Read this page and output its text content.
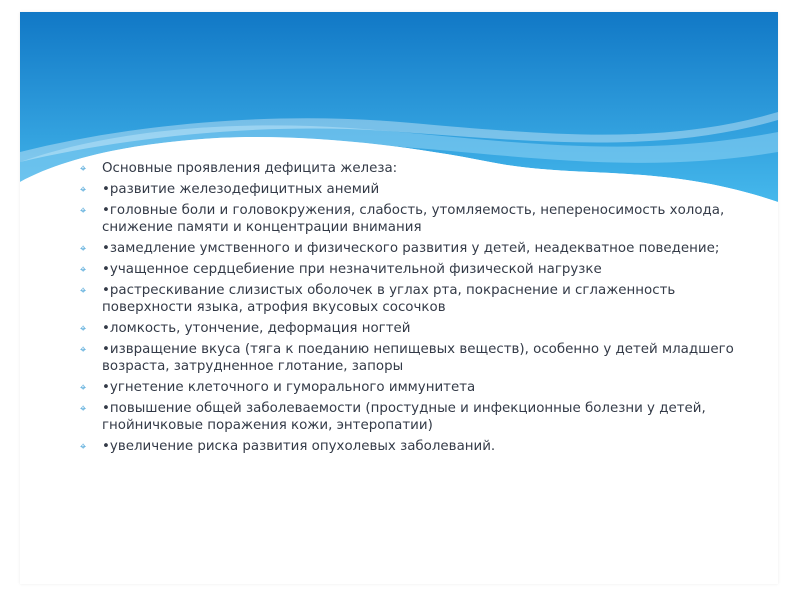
⌖ Основные проявления дефицита железа:
⌖ •развитие железодефицитных анемий
⌖ •головные боли и головокружения, слабость, утомляемость, непереносимость холода, снижение памяти и концентрации внимания
⌖ •замедление умственного и физического развития у детей, неадекватное поведение;
⌖ •учащенное сердцебиение при незначительной физической нагрузке
⌖ •растрескивание слизистых оболочек в углах рта, покраснение и сглаженность поверхности языка, атрофия вкусовых сосочков
⌖ •ломкость, утончение, деформация ногтей
⌖ •извращение вкуса (тяга к поеданию непищевых веществ), особенно у детей младшего возраста, затрудненное глотание, запоры
⌖ •угнетение клеточного и гуморального иммунитета
⌖ •повышение общей заболеваемости (простудные и инфекционные болезни у детей, гнойничковые поражения кожи, энтеропатии)
⌖ •увеличение риска развития опухолевых заболеваний.
